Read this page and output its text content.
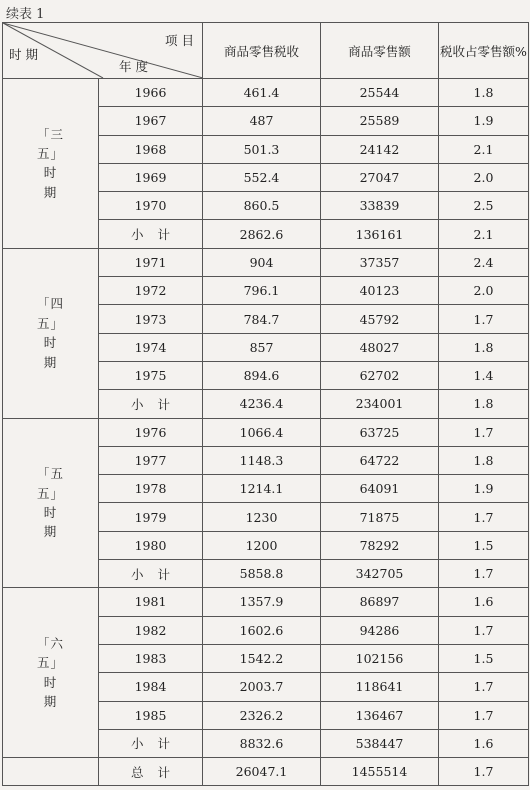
续表 1
项 目
年 度
时 期		商品零售税收	商品零售额	税收占零售额%

「三
五」
时
期	1966	461.4	25544	1.8
	1967	487	25589	1.9
	1968	501.3	24142	2.1
	1969	552.4	27047	2.0
	1970	860.5	33839	2.5
	小计	2862.6	136161	2.1

「四
五」
时
期	1971	904	37357	2.4
	1972	796.1	40123	2.0
	1973	784.7	45792	1.7
	1974	857	48027	1.8
	1975	894.6	62702	1.4
	小计	4236.4	234001	1.8

「五
五」
时
期	1976	1066.4	63725	1.7
	1977	1148.3	64722	1.8
	1978	1214.1	64091	1.9
	1979	1230	71875	1.7
	1980	1200	78292	1.5
	小计	5858.8	342705	1.7

「六
五」
时
期	1981	1357.9	86897	1.6
	1982	1602.6	94286	1.7
	1983	1542.2	102156	1.5
	1984	2003.7	118641	1.7
	1985	2326.2	136467	1.7
	小计	8832.6	538447	1.6
	总计	26047.1	1455514	1.7
